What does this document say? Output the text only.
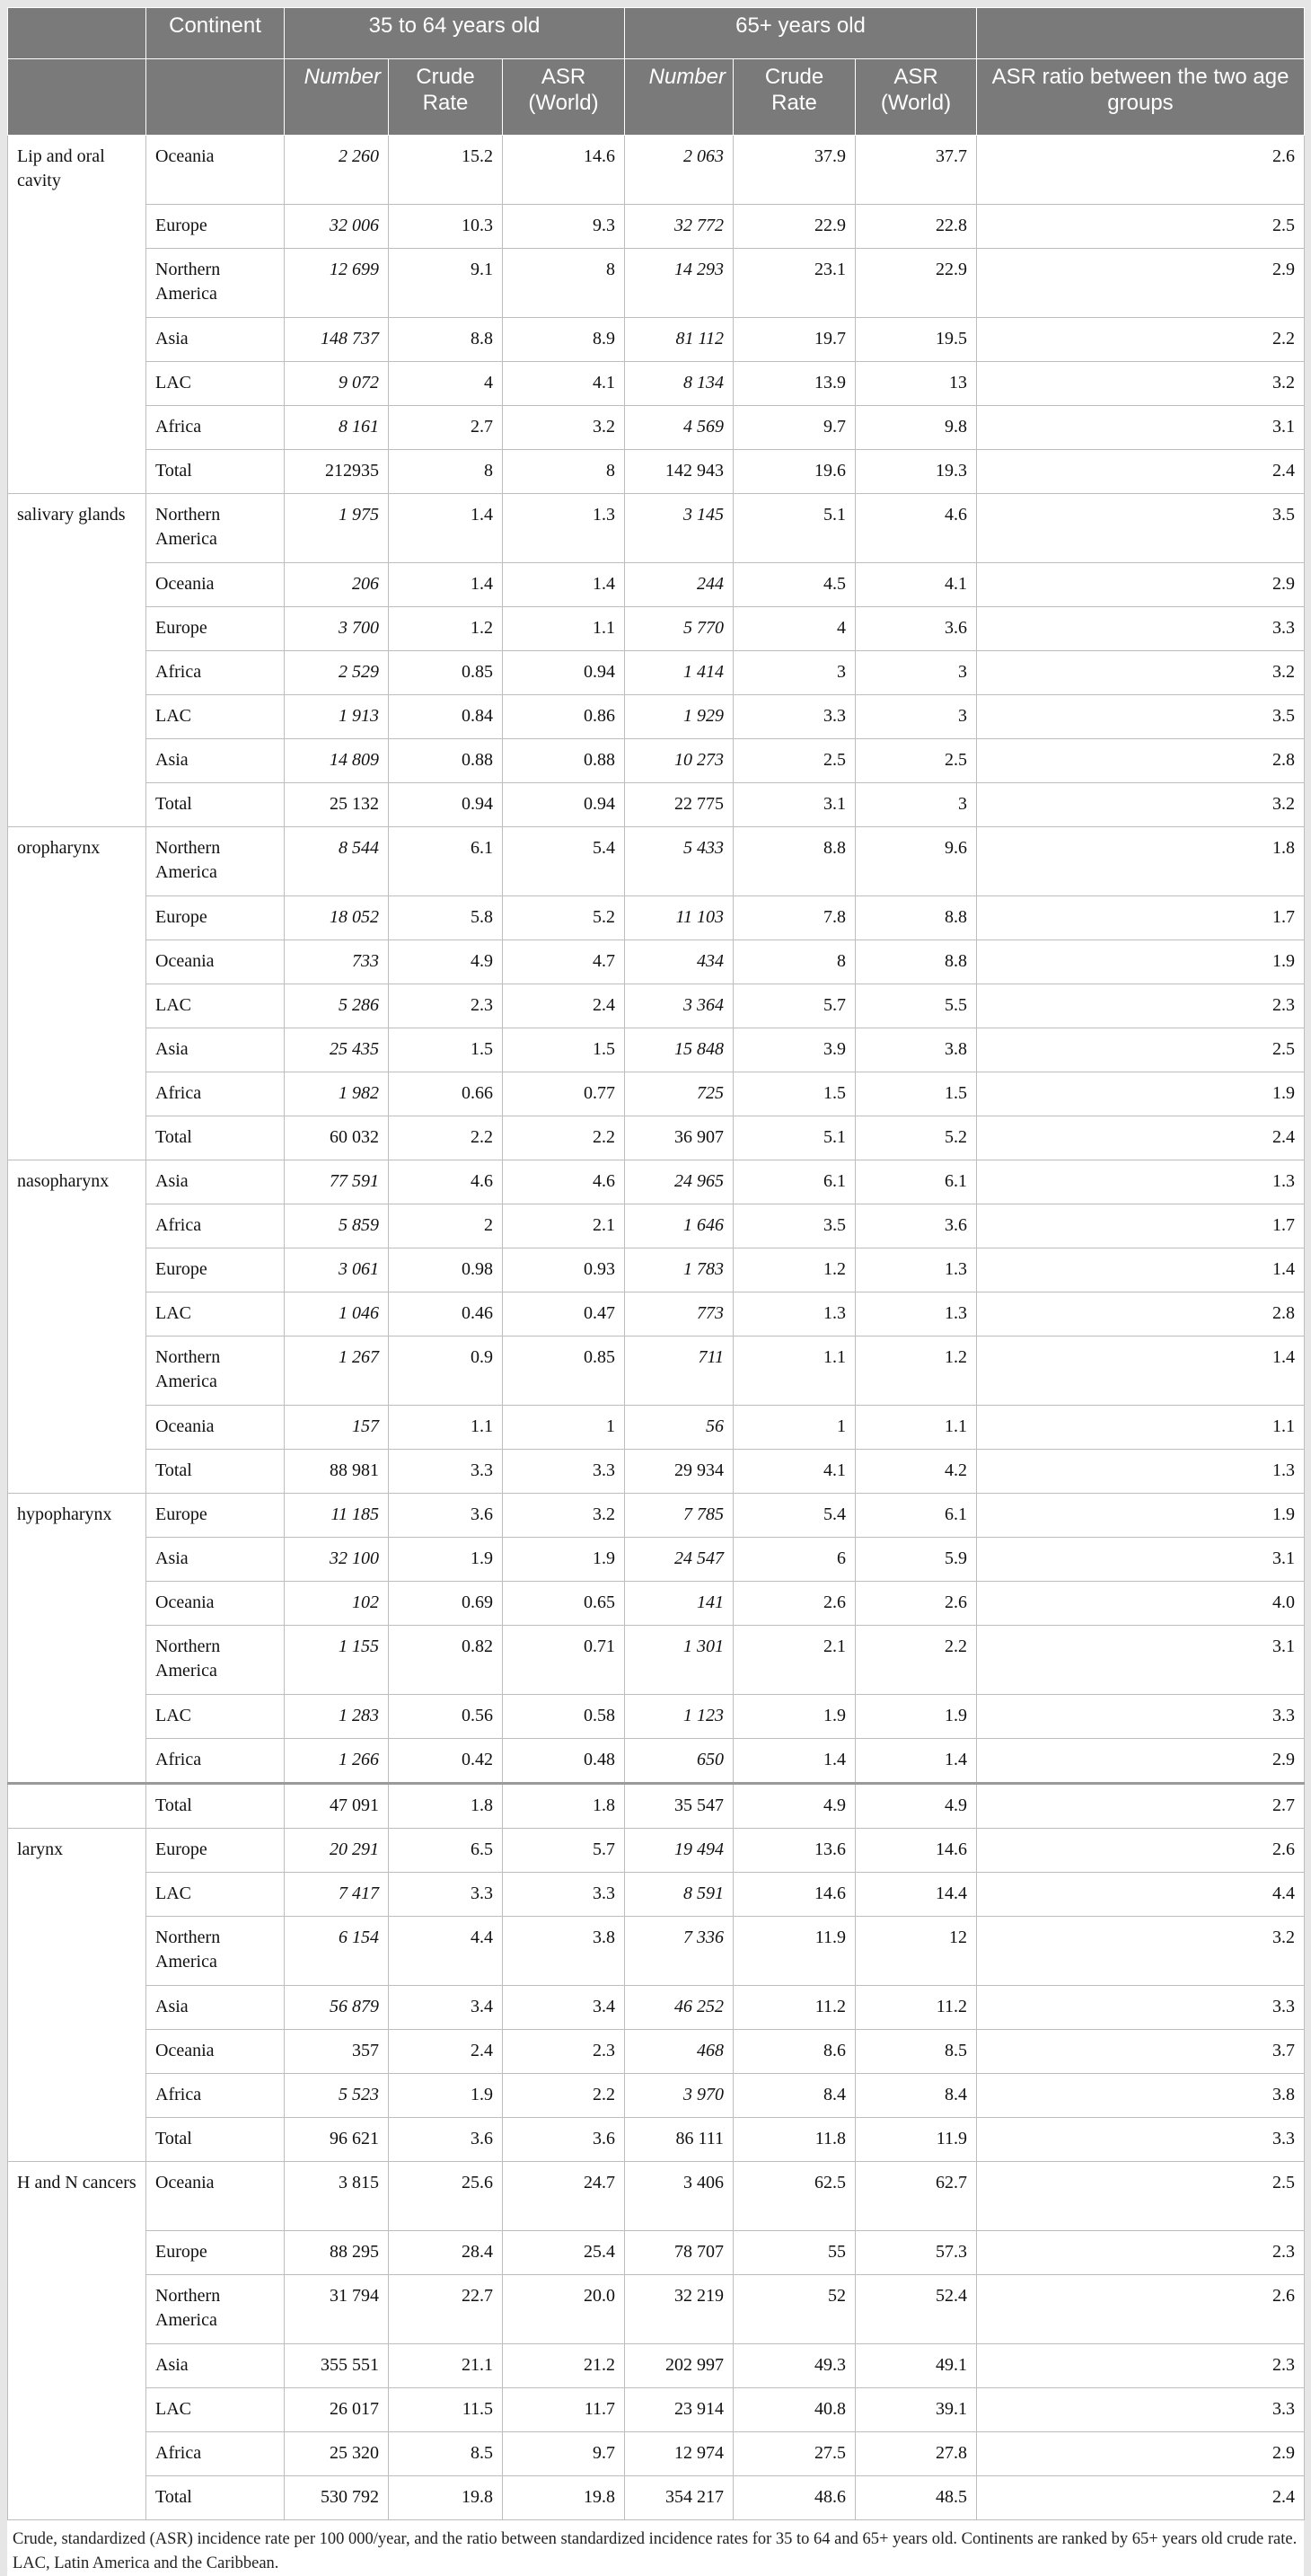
	Continent	35 to 64 years old			65+ years old			
		Number	Crude Rate	ASR (World)	Number	Crude Rate	ASR (World)	ASR ratio between the two age groups
Lip and oral cavity	Oceania	2 260	15.2	14.6	2 063	37.9	37.7	2.6
	Europe	32 006	10.3	9.3	32 772	22.9	22.8	2.5
	Northern America	12 699	9.1	8	14 293	23.1	22.9	2.9
	Asia	148 737	8.8	8.9	81 112	19.7	19.5	2.2
	LAC	9 072	4	4.1	8 134	13.9	13	3.2
	Africa	8 161	2.7	3.2	4 569	9.7	9.8	3.1
	Total	212935	8	8	142 943	19.6	19.3	2.4
salivary glands	Northern America	1 975	1.4	1.3	3 145	5.1	4.6	3.5
	Oceania	206	1.4	1.4	244	4.5	4.1	2.9
	Europe	3 700	1.2	1.1	5 770	4	3.6	3.3
	Africa	2 529	0.85	0.94	1 414	3	3	3.2
	LAC	1 913	0.84	0.86	1 929	3.3	3	3.5
	Asia	14 809	0.88	0.88	10 273	2.5	2.5	2.8
	Total	25 132	0.94	0.94	22 775	3.1	3	3.2
oropharynx	Northern America	8 544	6.1	5.4	5 433	8.8	9.6	1.8
	Europe	18 052	5.8	5.2	11 103	7.8	8.8	1.7
	Oceania	733	4.9	4.7	434	8	8.8	1.9
	LAC	5 286	2.3	2.4	3 364	5.7	5.5	2.3
	Asia	25 435	1.5	1.5	15 848	3.9	3.8	2.5
	Africa	1 982	0.66	0.77	725	1.5	1.5	1.9
	Total	60 032	2.2	2.2	36 907	5.1	5.2	2.4
nasopharynx	Asia	77 591	4.6	4.6	24 965	6.1	6.1	1.3
	Africa	5 859	2	2.1	1 646	3.5	3.6	1.7
	Europe	3 061	0.98	0.93	1 783	1.2	1.3	1.4
	LAC	1 046	0.46	0.47	773	1.3	1.3	2.8
	Northern America	1 267	0.9	0.85	711	1.1	1.2	1.4
	Oceania	157	1.1	1	56	1	1.1	1.1
	Total	88 981	3.3	3.3	29 934	4.1	4.2	1.3
hypopharynx	Europe	11 185	3.6	3.2	7 785	5.4	6.1	1.9
	Asia	32 100	1.9	1.9	24 547	6	5.9	3.1
	Oceania	102	0.69	0.65	141	2.6	2.6	4.0
	Northern America	1 155	0.82	0.71	1 301	2.1	2.2	3.1
	LAC	1 283	0.56	0.58	1 123	1.9	1.9	3.3
	Africa	1 266	0.42	0.48	650	1.4	1.4	2.9
	Total	47 091	1.8	1.8	35 547	4.9	4.9	2.7
larynx	Europe	20 291	6.5	5.7	19 494	13.6	14.6	2.6
	LAC	7 417	3.3	3.3	8 591	14.6	14.4	4.4
	Northern America	6 154	4.4	3.8	7 336	11.9	12	3.2
	Asia	56 879	3.4	3.4	46 252	11.2	11.2	3.3
	Oceania	357	2.4	2.3	468	8.6	8.5	3.7
	Africa	5 523	1.9	2.2	3 970	8.4	8.4	3.8
	Total	96 621	3.6	3.6	86 111	11.8	11.9	3.3
H and N cancers	Oceania	3 815	25.6	24.7	3 406	62.5	62.7	2.5
	Europe	88 295	28.4	25.4	78 707	55	57.3	2.3
	Northern America	31 794	22.7	20.0	32 219	52	52.4	2.6
	Asia	355 551	21.1	21.2	202 997	49.3	49.1	2.3
	LAC	26 017	11.5	11.7	23 914	40.8	39.1	3.3
	Africa	25 320	8.5	9.7	12 974	27.5	27.8	2.9
	Total	530 792	19.8	19.8	354 217	48.6	48.5	2.4
Crude, standardized (ASR) incidence rate per 100 000/year, and the ratio between standardized incidence rates for 35 to 64 and 65+ years old. Continents are ranked by 65+ years old crude rate. LAC, Latin America and the Caribbean.
